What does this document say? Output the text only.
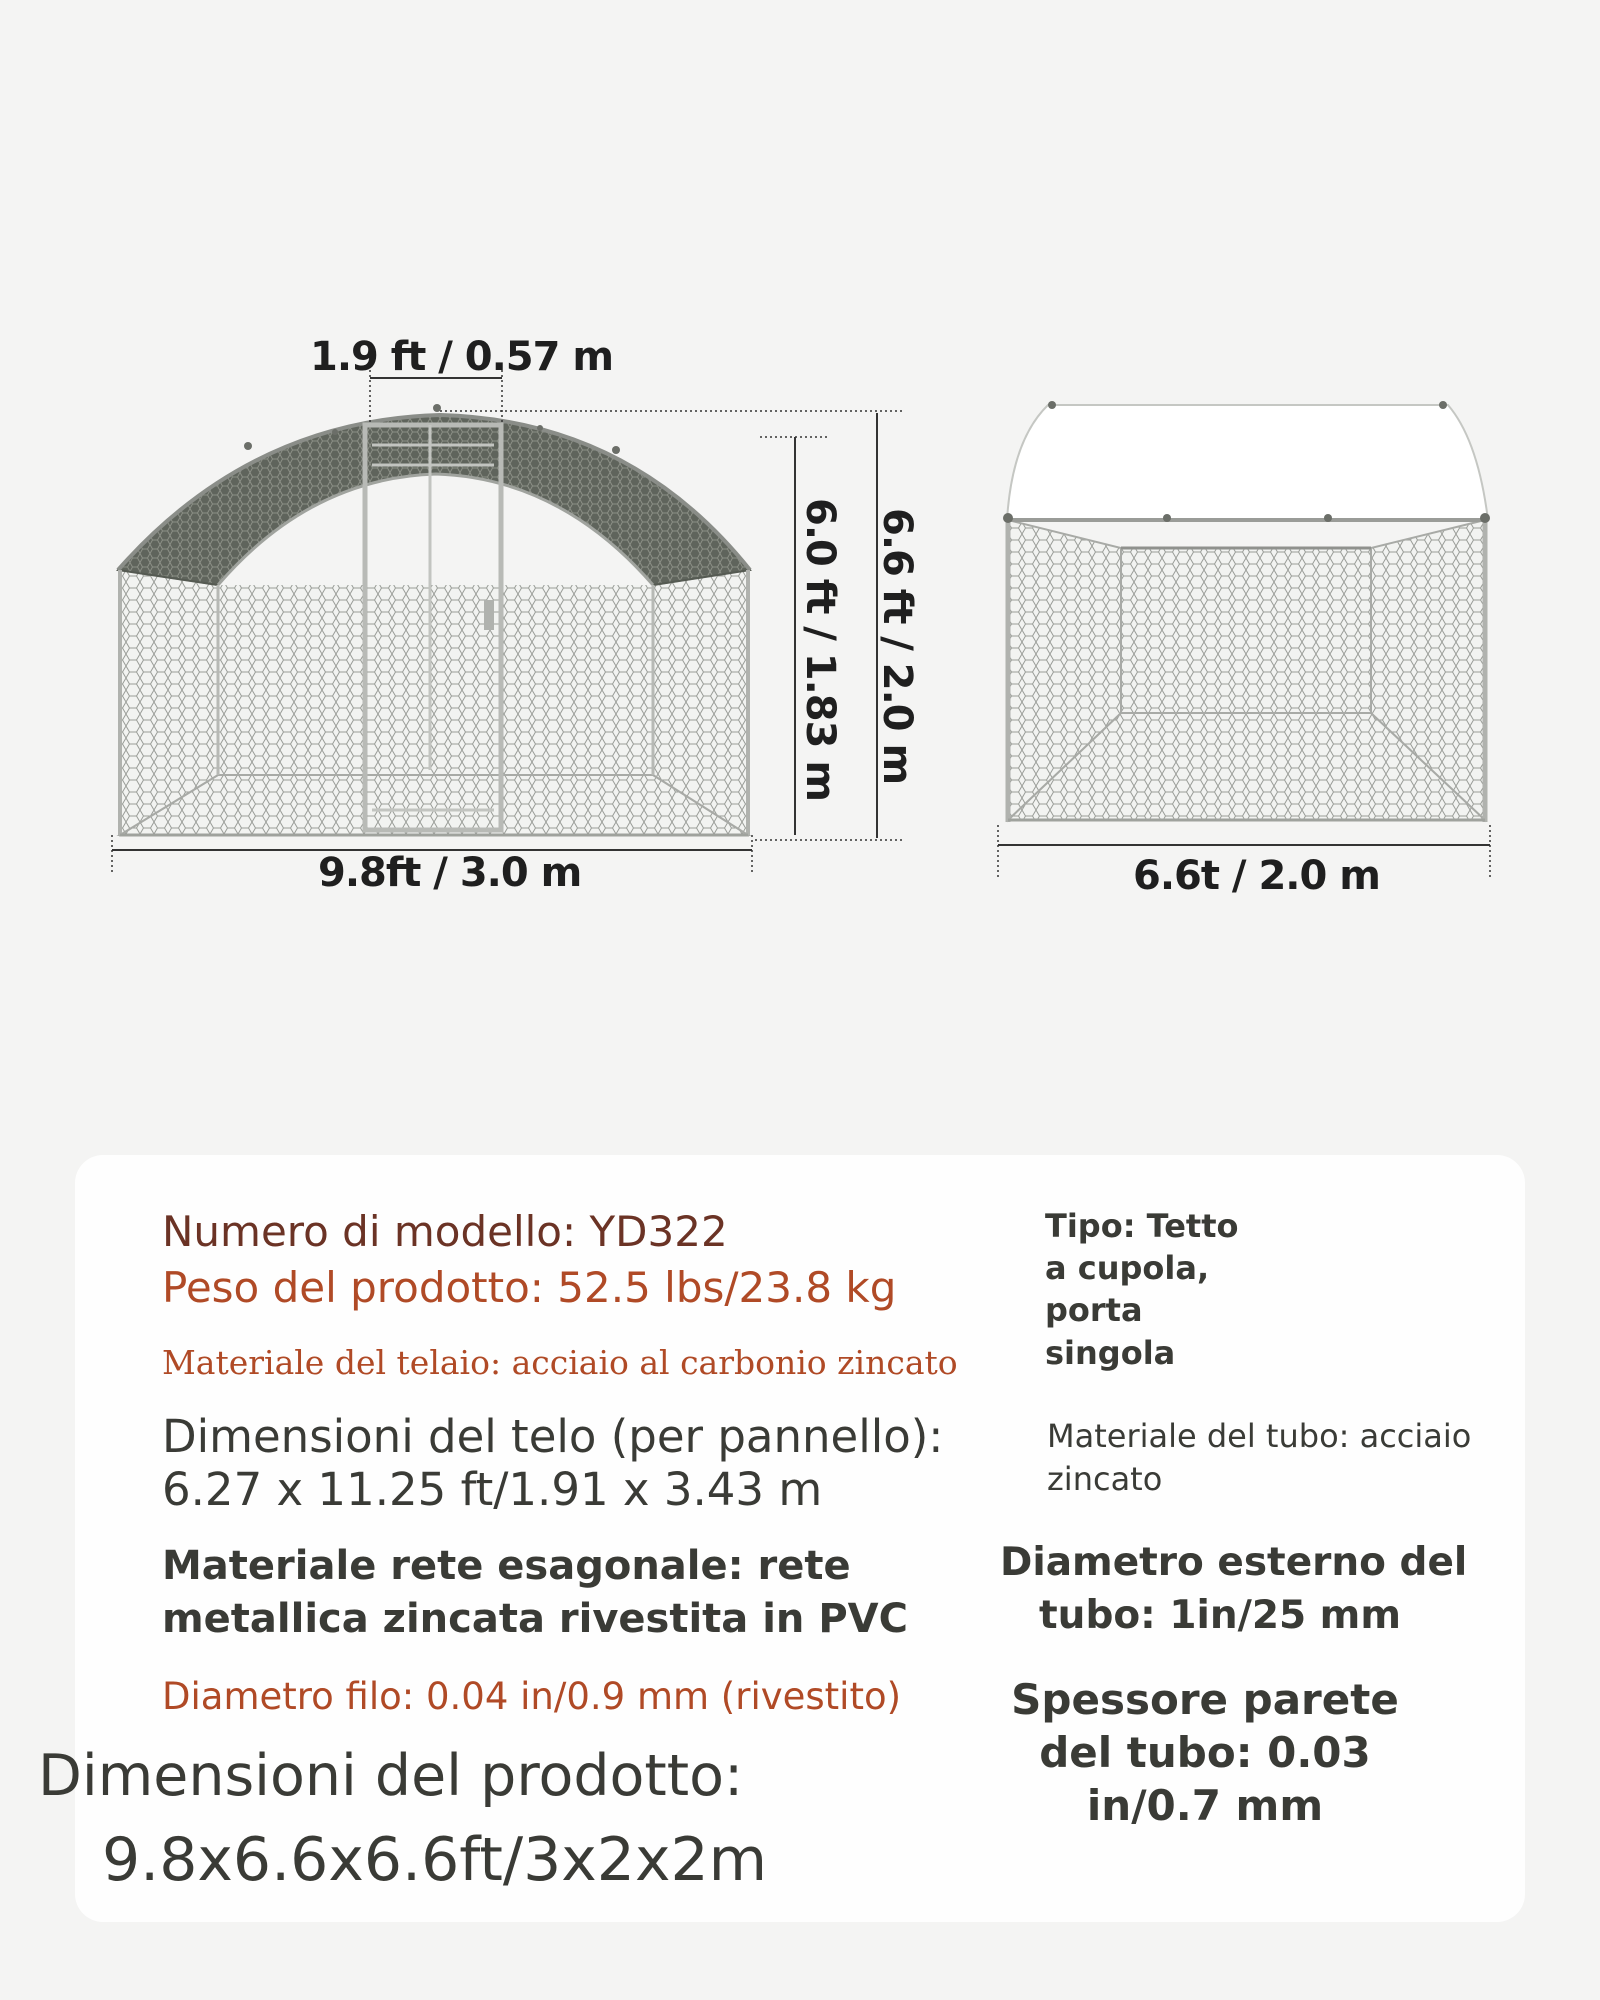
1.9 ft / 0.57 m
9.8ft / 3.0 m
6.0 ft / 1.83 m 6.6 ft / 2.0 m
6.6t / 2.0 m
Numero di modello: YD322
Peso del prodotto: 52.5 lbs/23.8 kg
Materiale del telaio: acciaio al carbonio zincato
Dimensioni del telo (per pannello):
6.27 x 11.25 ft/1.91 x 3.43 m
Materiale rete esagonale: rete
metallica zincata rivestita in PVC
Diametro filo: 0.04 in/0.9 mm (rivestito)
Dimensioni del prodotto:
9.8x6.6x6.6ft/3x2x2m
Tipo: Tetto
a cupola,
porta
singola
Materiale del tubo: acciaio
zincato
Diametro esterno del
tubo: 1in/25 mm
Spessore parete
del tubo: 0.03
in/0.7 mm
